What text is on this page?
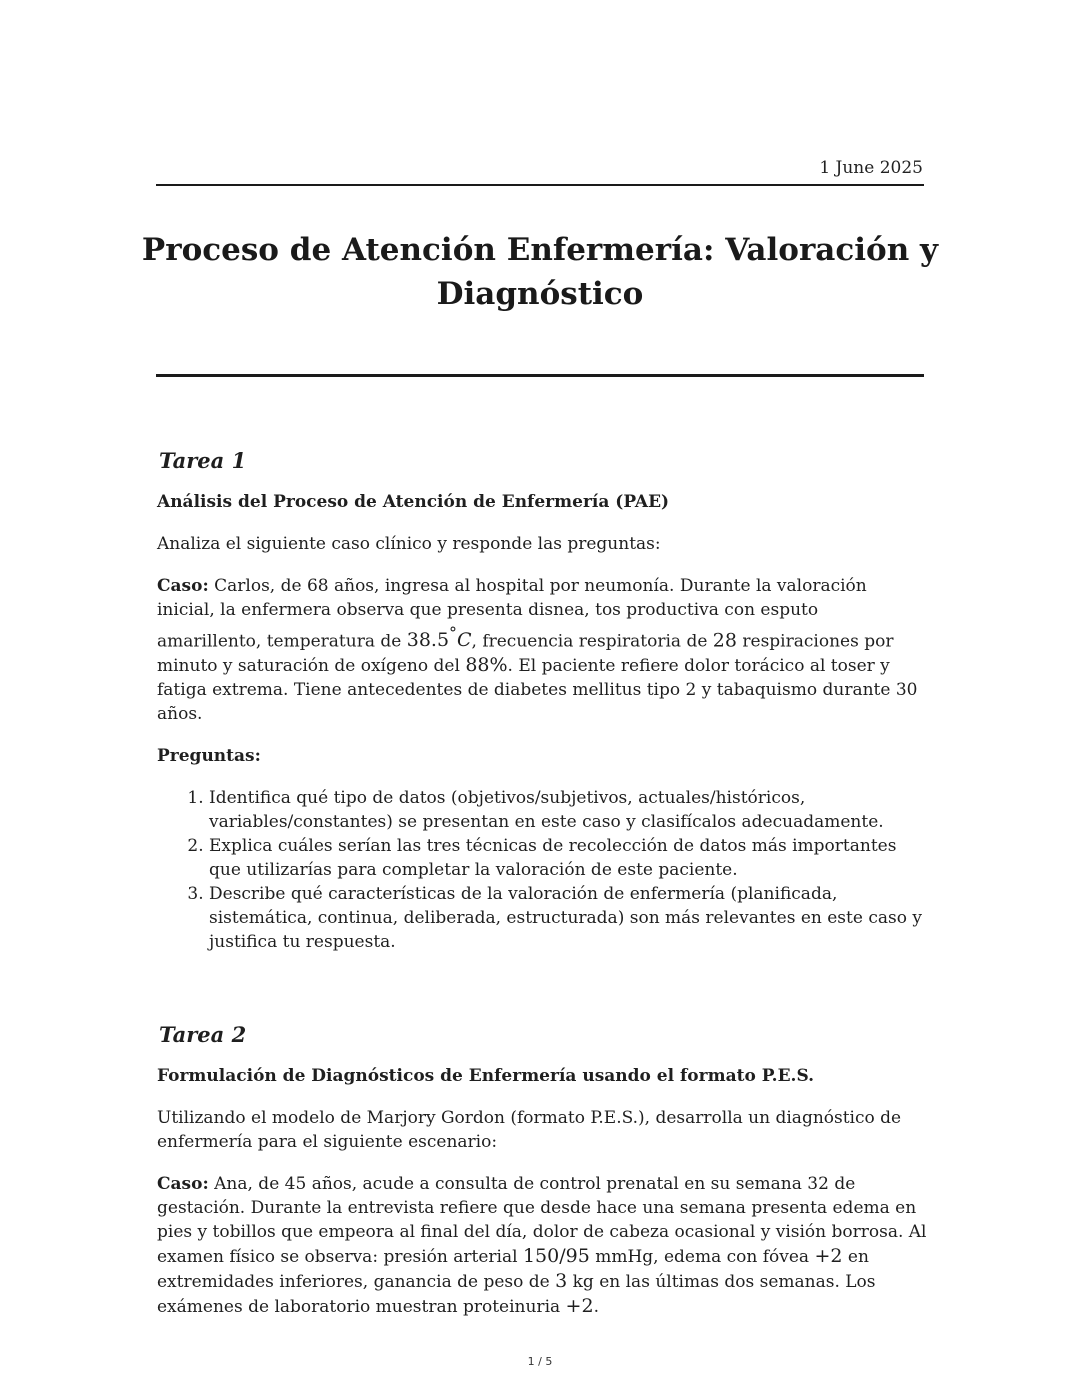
1 June 2025
Proceso de Atención Enfermería: Valoración y Diagnóstico
Tarea 1
Análisis del Proceso de Atención de Enfermería (PAE)

Analiza el siguiente caso clínico y responde las preguntas:

Caso: Carlos, de 68 años, ingresa al hospital por neumonía. Durante la valoración inicial, la enfermera observa que presenta disnea, tos productiva con esputo amarillento, temperatura de 38.5°C, frecuencia respiratoria de 28 respiraciones por minuto y saturación de oxígeno del 88%. El paciente refiere dolor torácico al toser y fatiga extrema. Tiene antecedentes de diabetes mellitus tipo 2 y tabaquismo durante 30 años.

Preguntas:

1. Identifica qué tipo de datos (objetivos/subjetivos, actuales/históricos, variables/constantes) se presentan en este caso y clasifícalos adecuadamente.
2. Explica cuáles serían las tres técnicas de recolección de datos más importantes que utilizarías para completar la valoración de este paciente.
3. Describe qué características de la valoración de enfermería (planificada, sistemática, continua, deliberada, estructurada) son más relevantes en este caso y justifica tu respuesta.
Tarea 2
Formulación de Diagnósticos de Enfermería usando el formato P.E.S.

Utilizando el modelo de Marjory Gordon (formato P.E.S.), desarrolla un diagnóstico de enfermería para el siguiente escenario:

Caso: Ana, de 45 años, acude a consulta de control prenatal en su semana 32 de gestación. Durante la entrevista refiere que desde hace una semana presenta edema en pies y tobillos que empeora al final del día, dolor de cabeza ocasional y visión borrosa. Al examen físico se observa: presión arterial 150/95 mmHg, edema con fóvea +2 en extremidades inferiores, ganancia de peso de 3 kg en las últimas dos semanas. Los exámenes de laboratorio muestran proteinuria +2.

1 / 5
